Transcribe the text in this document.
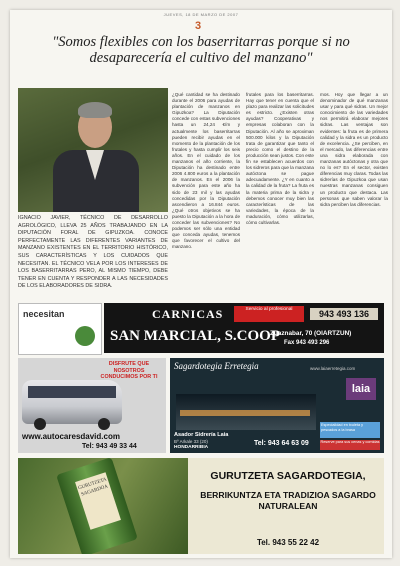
JUEVES, 18 DE MARZO DE 2007
3
"Somos flexibles con los baserritarras porque si no desaparecería el cultivo del manzano"
IGNACIO JAVIER, TÉCNICO DE DESARROLLO AGROLÓGICO, LLEVA 25 AÑOS TRABAJANDO EN LA DIPUTACIÓN FORAL DE GIPUZKOA. CONOCE PERFECTAMENTE LAS DIFERENTES VARIANTES DE MANZANO EXISTENTES EN EL TERRITORIO HISTÓRICO, SUS CARACTERÍSTICAS Y LOS CUIDADOS QUE NECESITAN. EL TÉCNICO VELA POR LOS INTERESES DE LOS BASERRITARRAS PERO, AL MISMO TIEMPO, DEBE TENER EN CUENTA Y RESPONDER A LAS NECESIDADES DE LOS ELABORADORES DE SIDRA.
¿Qué cantidad se ha destinado durante el 2006 para ayudas de plantación de manzanos en Gipuzkoa? La Diputación concede con estas subvenciones hasta un 24,24 €/m y actualmente los baserritarras pueden recibir ayudas en el momento de la plantación de los frutales y hasta cumplir los seis años. En el cuidado de los manzanos el año corriente, la Diputación ha destinado entre 2006 4.800 euros a la plantación de manzanos. En el 2006 la subvención para este año ha sido de 23 mil y las ayudas concedidas por la Diputación ascendieron a 16.844 euros. ¿Qué otros objetivos se ha puesto la Diputación a la hora de conceder las subvenciones? No podemos ser sólo una entidad que conceda ayudas, tenemos que favorecer el cultivo del manzano.
frutales para los baserritarras. Hay que tener en cuenta que el plazo para realizar las solicitudes es estricto. ¿Existen otras ayudas? Cooperativas y empresas colaboran con la Diputación. Al año se aproximan 500.000 kilos y la Diputación trata de garantizar que tanto el precio como el destino de la producción sean justos. Con este fin se establecen acuerdos con los sidreros para que la manzana autóctona se pague adecuadamente. ¿Y en cuanto a la calidad de la fruta? La fruta es la materia prima de la sidra y debemos conocer muy bien las características de las variedades, la época de la maduración, cómo utilizarlas, cómo cultivarlas.
mos. Hoy que llegar a un denominador de qué manzanas usar y para qué sidras. Un mejor conocimiento de las variedades nos permitirá elaborar mejores sidras. Las ventajas son evidentes: la fruta es de primera calidad y la sidra es un producto de excelencia. ¿Se perciben, en el mercado, las diferencias entre una sidra elaborada con manzanas autóctonas y otra que no lo es? En el sector, existen diferencias muy claras. Todas las sidrerías de Gipuzkoa que usan nuestras manzanas consiguen un producto que destaca. Las personas que saben valorar la sidra perciben las diferencias.
necesitan	CARNICAS	Servicio al profesional	943 493 136
SAN MARCIAL, S.COOP
Zuaznabar, 70 (OIARTZUN)
Fax 943 493 296
DISFRUTE QUE NOSOTROS CONDUCIMOS POR TI
www.autocaresdavid.com
Tel: 943 49 33 44
Sagardotegia Erretegia	www.laiaerretegia.com
laia
Especialidad en txuleta y pescados a la brasa
Asador Sidrería Laia
Bº Arkale 33 (20)
HONDARRIBIA
Tel: 943 64 63 09	Reserve para sus cenas y comidas
GURUTZETA SAGARDOA
GURUTZETA SAGARDOTEGIA,
BERRIKUNTZA ETA TRADIZIOA SAGARDO NATURALEAN
Tel. 943 55 22 42
